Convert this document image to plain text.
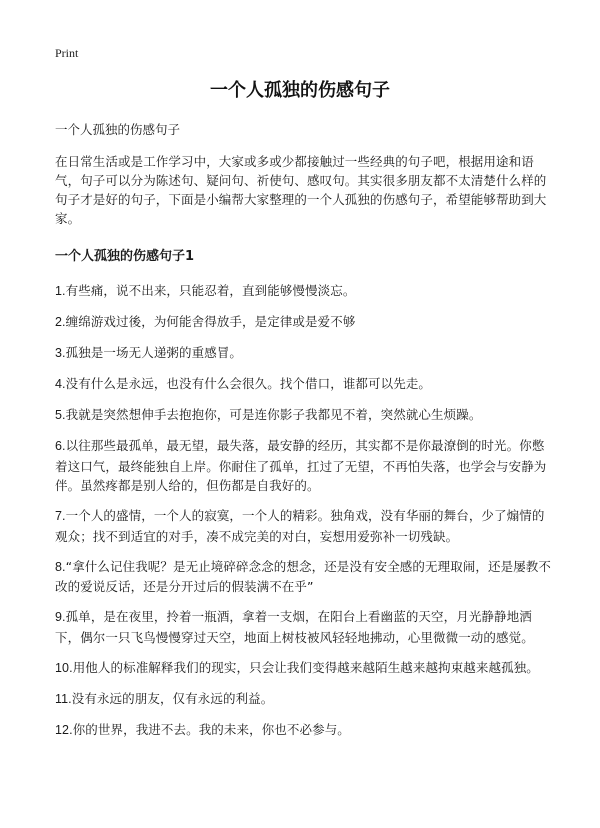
Print
一个人孤独的伤感句子

一个人孤独的伤感句子

在日常生活或是工作学习中，大家或多或少都接触过一些经典的句子吧，根据用途和语气，句子可以分为陈述句、疑问句、祈使句、感叹句。其实很多朋友都不太清楚什么样的句子才是好的句子，下面是小编帮大家整理的一个人孤独的伤感句子，希望能够帮助到大家。

一个人孤独的伤感句子1
1.有些痛，说不出来，只能忍着，直到能够慢慢淡忘。
2.缠绵游戏过後，为何能舍得放手，是定律或是爱不够
3.孤独是一场无人递粥的重感冒。
4.没有什么是永远，也没有什么会很久。找个借口，谁都可以先走。
5.我就是突然想伸手去抱抱你，可是连你影子我都见不着，突然就心生烦躁。
6.以往那些最孤单，最无望，最失落，最安静的经历，其实都不是你最潦倒的时光。你憋着这口气，最终能独自上岸。你耐住了孤单，扛过了无望，不再怕失落，也学会与安静为伴。虽然疼都是别人给的，但伤都是自我好的。
7.一个人的盛情，一个人的寂寞，一个人的精彩。独角戏，没有华丽的舞台，少了煽情的观众；找不到适宜的对手，凑不成完美的对白，妄想用爱弥补一切残缺。
8.“拿什么记住我呢？是无止境碎碎念念的想念，还是没有安全感的无理取闹，还是屡教不改的爱说反话，还是分开过后的假装满不在乎”
9.孤单，是在夜里，拎着一瓶酒，拿着一支烟，在阳台上看幽蓝的天空，月光静静地洒下，偶尔一只飞鸟慢慢穿过天空，地面上树枝被风轻轻地拂动，心里微微一动的感觉。
10.用他人的标准解释我们的现实，只会让我们变得越来越陌生越来越拘束越来越孤独。
11.没有永远的朋友，仅有永远的利益。
12.你的世界，我进不去。我的未来，你也不必参与。
